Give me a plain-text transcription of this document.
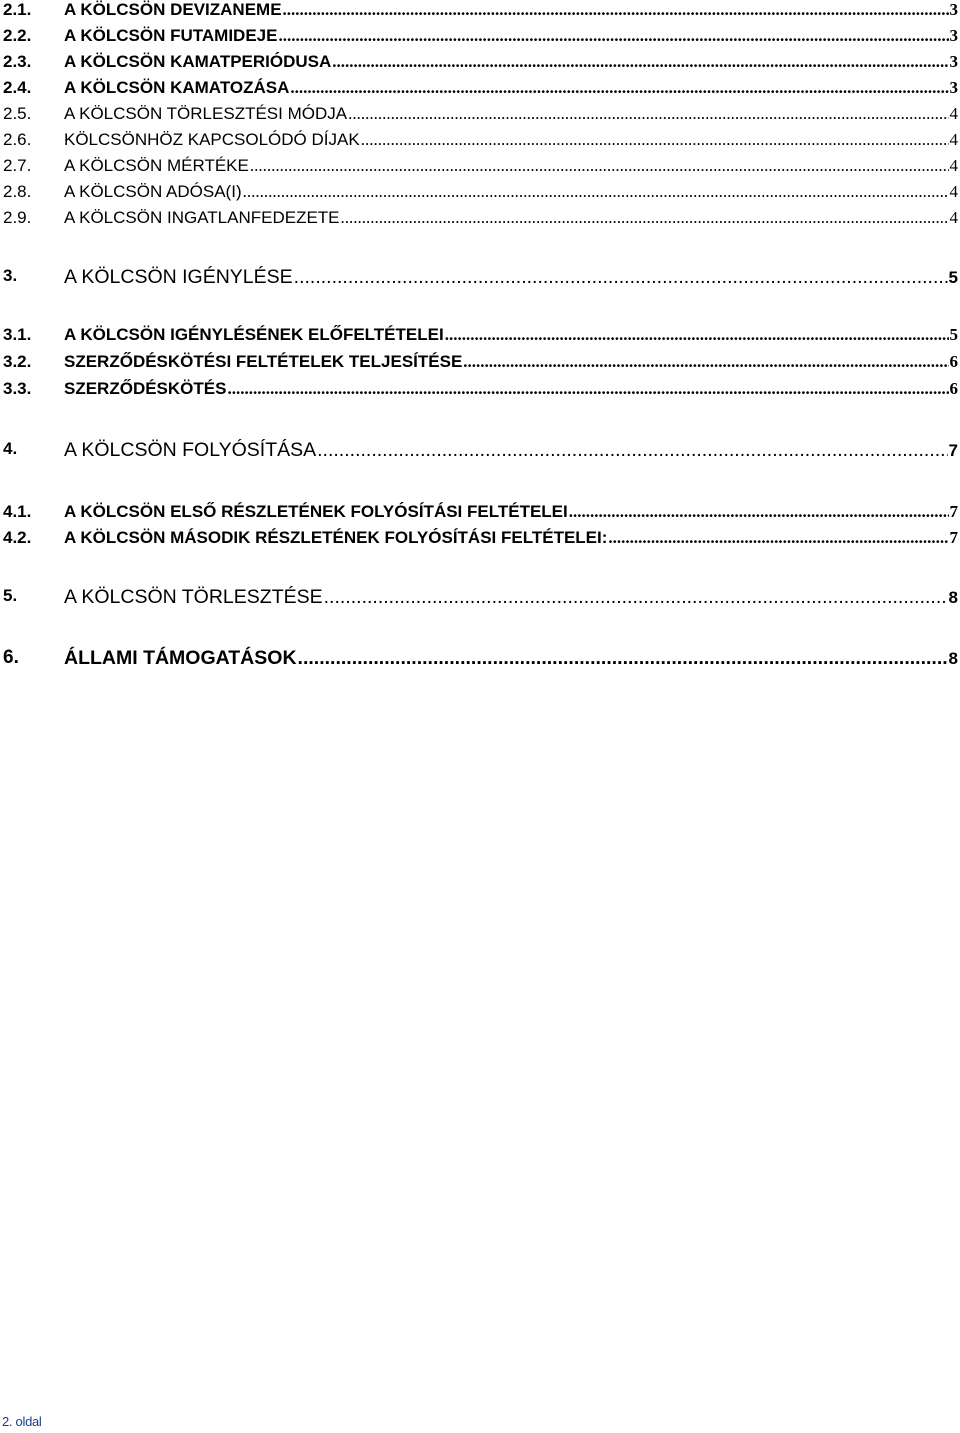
2.1. A KÖLCSÖN DEVIZANEME .....	3
2.2. A KÖLCSÖN FUTAMIDEJE .....	3
2.3. A KÖLCSÖN KAMATPERIÓDUSA .....	3
2.4. A KÖLCSÖN KAMATOZÁSA .....	3
2.5. A KÖLCSÖN TÖRLESZTÉSI MÓDJA .....	4
2.6. KÖLCSÖNHÖZ KAPCSOLÓDÓ DÍJAK .....	4
2.7. A KÖLCSÖN MÉRTÉKE .....	4
2.8. A KÖLCSÖN ADÓSA(I) .....	4
2.9. A KÖLCSÖN INGATLANFEDEZETE .....	4
3. A KÖLCSÖN IGÉNYLÉSE .....	5
3.1. A KÖLCSÖN IGÉNYLÉSÉNEK ELŐFELTÉTELEI .....	5
3.2. SZERZŐDÉSKÖTÉSI FELTÉTELEK TELJESÍTÉSE .....	6
3.3. SZERZŐDÉSKÖTÉS .....	6
4. A KÖLCSÖN FOLYÓSÍTÁSA .....	7
4.1. A KÖLCSÖN ELSŐ RÉSZLETÉNEK FOLYÓSÍTÁSI FELTÉTELEI .....	7
4.2. A KÖLCSÖN MÁSODIK RÉSZLETÉNEK FOLYÓSÍTÁSI FELTÉTELEI: .....	7
5. A KÖLCSÖN TÖRLESZTÉSE .....	8
6. ÁLLAMI TÁMOGATÁSOK .....	8
2. oldal
